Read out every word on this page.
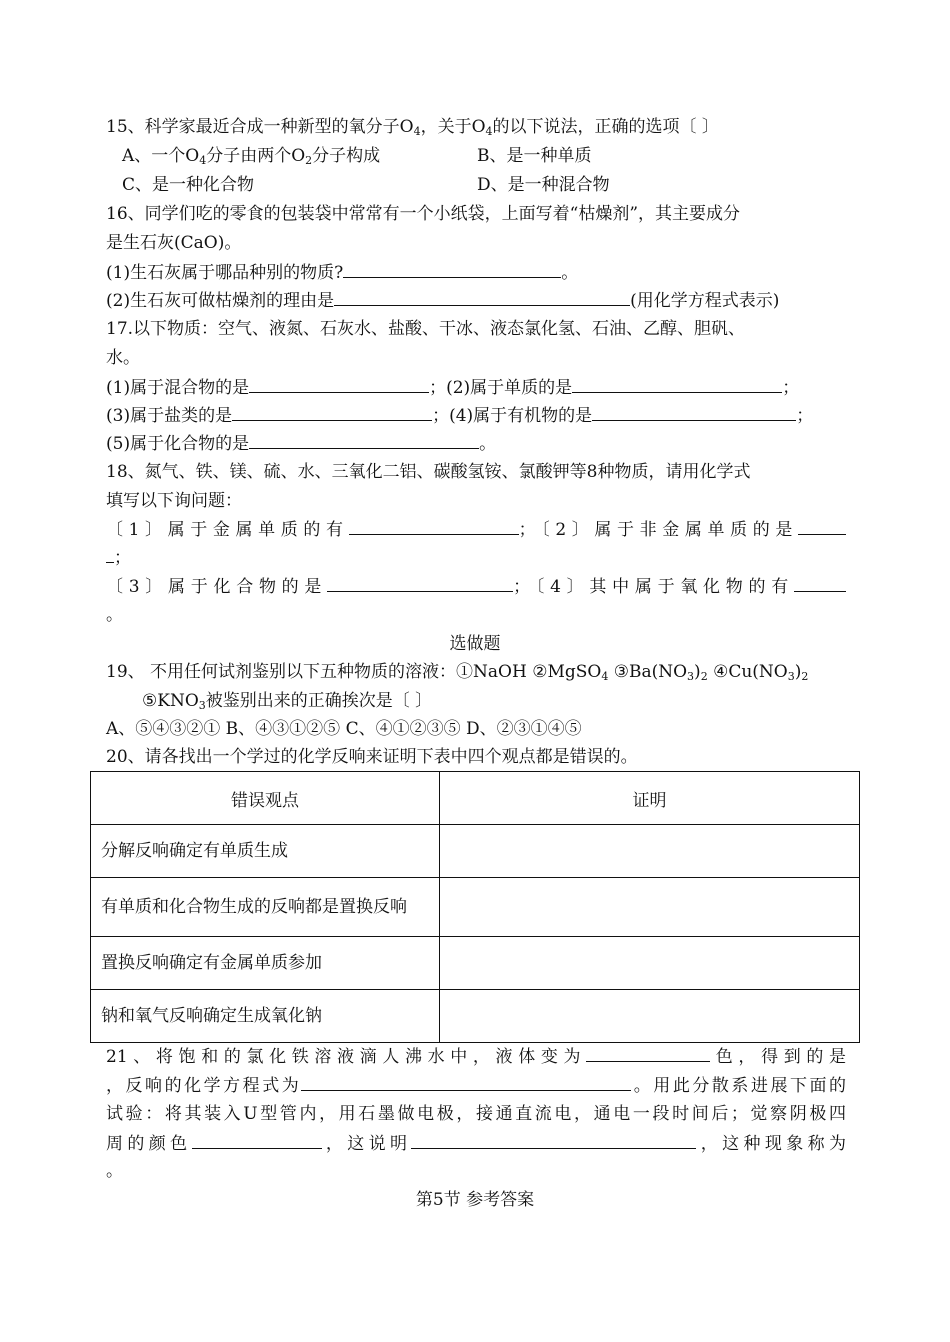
15、科学家最近合成一种新型的氧分子$O_4$，关于$O_4$的以下说法，正确的选项〔 〕
A、一个$O_4$分子由两个$O_2$分子构成	B、是一种单质
C、是一种化合物	D、是一种混合物
16、同学们吃的零食的包装袋中常常有一个小纸袋，上面写着“枯燥剂”，其主要成分
是生石灰(CaO)。
(1)生石灰属于哪品种别的物质?	。
(2)生石灰可做枯燥剂的理由是	(用化学方程式表示)
17.以下物质：空气、液氮、石灰水、盐酸、干冰、液态氯化氢、石油、乙醇、胆矾、
水。
(1)属于混合物的是	；(2)属于单质的是	；
(3)属于盐类的是	；(4)属于有机物的是	；
(5)属于化合物的是	。
18、氮气、铁、镁、硫、水、三氧化二铝、碳酸氢铵、氯酸钾等8种物质，请用化学式
填写以下询问题：
〔1〕属于金属单质的有	；〔2〕属于非金属单质的是
；
〔3〕属于化合物的是	；〔4〕其中属于氧化物的有
。
选做题
19、 不用任何试剂鉴别以下五种物质的溶液：①NaOH ②MgSO$_4$ $③Ba(NO_3)_2$ $④Cu(NO_3)_2$
$⑤KNO_3$被鉴别出来的正确挨次是〔 〕
A、⑤④③②① B、④③①②⑤ C、④①②③⑤ D、②③①④⑤
20、请各找出一个学过的化学反响来证明下表中四个观点都是错误的。
错误观点	证明
分解反响确定有单质生成	
有单质和化合物生成的反响都是置换反响	
置换反响确定有金属单质参加	
钠和氧气反响确定生成氧化钠	
21、将饱和的氯化铁溶液滴人沸水中，液体变为	色，得到的是
，反响的化学方程式为	。用此分散系进展下面的
试验：将其装入U型管内，用石墨做电极，接通直流电，通电一段时间后；觉察阴极四
周的颜色	，这说明	，这种现象称为
。
第5节 参考答案
